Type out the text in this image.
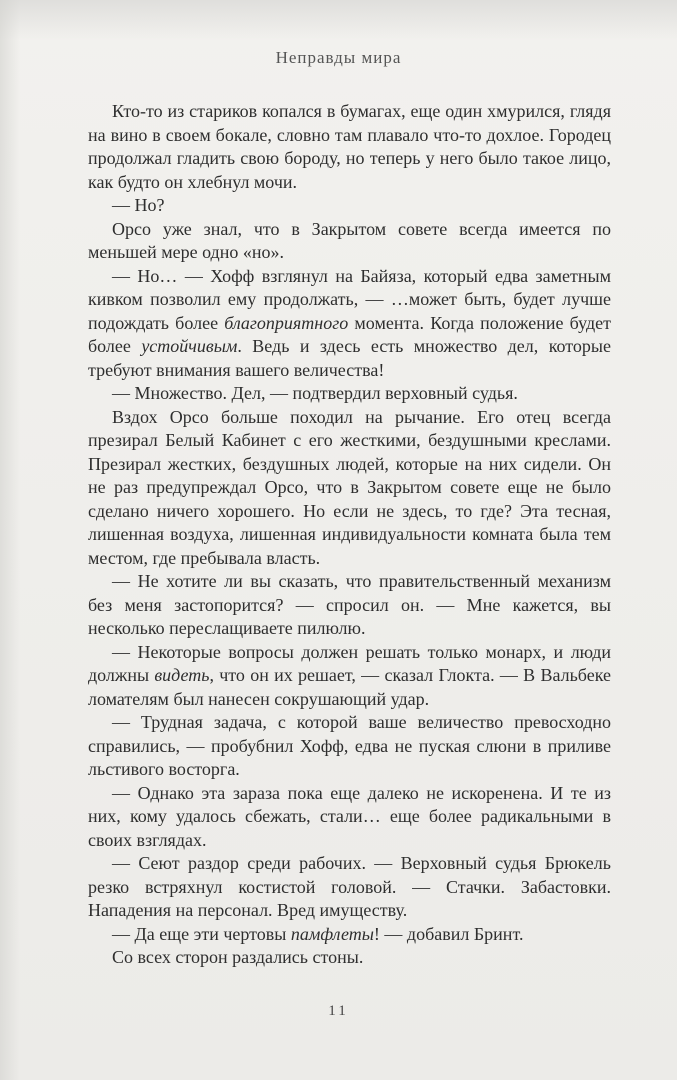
Неправды мира

Кто-то из стариков копался в бумагах, еще один хмурился, глядя на вино в своем бокале, словно там плавало что-то дохлое. Городец продолжал гладить свою бороду, но теперь у него было такое лицо, как будто он хлебнул мочи.

— Но?

Орсо уже знал, что в Закрытом совете всегда имеется по меньшей мере одно «но».

— Но… — Хофф взглянул на Байяза, который едва заметным кивком позволил ему продолжать, — …может быть, будет лучше подождать более благоприятного момента. Когда положение будет более устойчивым. Ведь и здесь есть множество дел, которые требуют внимания вашего величества!

— Множество. Дел, — подтвердил верховный судья.

Вздох Орсо больше походил на рычание. Его отец всегда презирал Белый Кабинет с его жесткими, бездушными креслами. Презирал жестких, бездушных людей, которые на них сидели. Он не раз предупреждал Орсо, что в Закрытом совете еще не было сделано ничего хорошего. Но если не здесь, то где? Эта тесная, лишенная воздуха, лишенная индивидуальности комната была тем местом, где пребывала власть.

— Не хотите ли вы сказать, что правительственный механизм без меня застопорится? — спросил он. — Мне кажется, вы несколько переслащиваете пилюлю.

— Некоторые вопросы должен решать только монарх, и люди должны видеть, что он их решает, — сказал Глокта. — В Вальбеке ломателям был нанесен сокрушающий удар.

— Трудная задача, с которой ваше величество превосходно справились, — пробубнил Хофф, едва не пуская слюни в приливе льстивого восторга.

— Однако эта зараза пока еще далеко не искоренена. И те из них, кому удалось сбежать, стали… еще более радикальными в своих взглядах.

— Сеют раздор среди рабочих. — Верховный судья Брюкель резко встряхнул костистой головой. — Стачки. Забастовки. Нападения на персонал. Вред имуществу.

— Да еще эти чертовы памфлеты! — добавил Бринт.

Со всех сторон раздались стоны.

11
